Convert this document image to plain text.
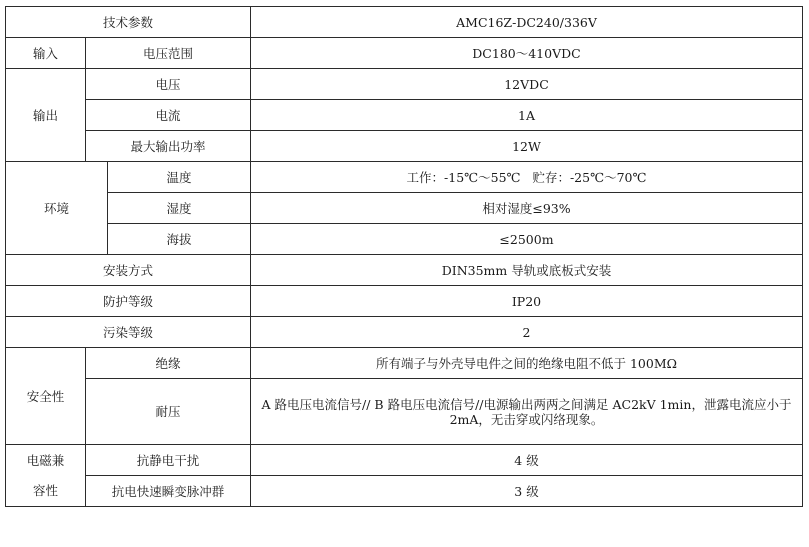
技术参数			AMC16Z-DC240/336V
输入	电压范围		DC180～410VDC
输出	电压		12VDC
	电流		1A
	最大输出功率		12W
环境		温度	工作：-15℃～55℃   贮存：-25℃～70℃
		湿度	相对湿度≤93%
		海拔	≤2500m
安装方式			DIN35mm 导轨或底板式安装
防护等级			IP20
污染等级			2
安全性	绝缘		所有端子与外壳导电件之间的绝缘电阻不低于 100MΩ
	耐压		A 路电压电流信号// B 路电压电流信号//电源输出两两之间满足 AC2kV 1min，泄露电流应小于 2mA，无击穿或闪络现象。
电磁兼	抗静电干扰		4 级
容性	抗电快速瞬变脉冲群		3 级
